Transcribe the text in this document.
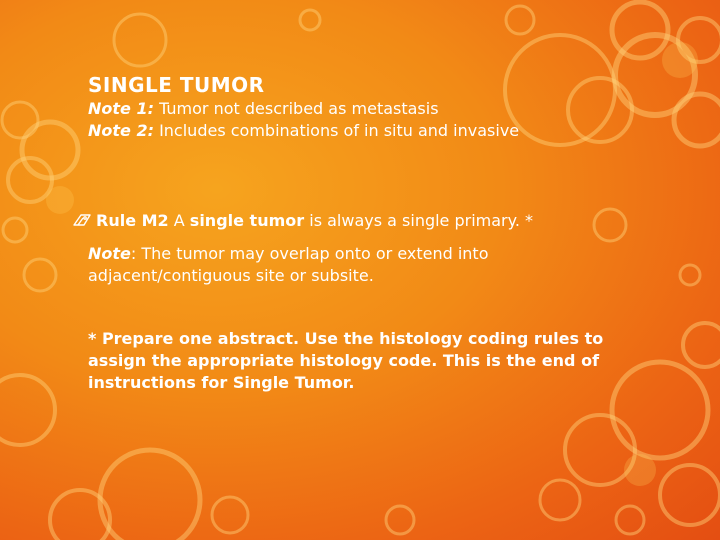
SINGLE TUMOR

Note 1: Tumor not described as metastasis

Note 2: Includes combinations of in situ and invasive

Rule M2 A single tumor is always a single primary. *
Note: The tumor may overlap onto or extend into adjacent/contiguous site or subsite.
* Prepare one abstract. Use the histology coding rules to assign the appropriate histology code. This is the end of instructions for Single Tumor.
